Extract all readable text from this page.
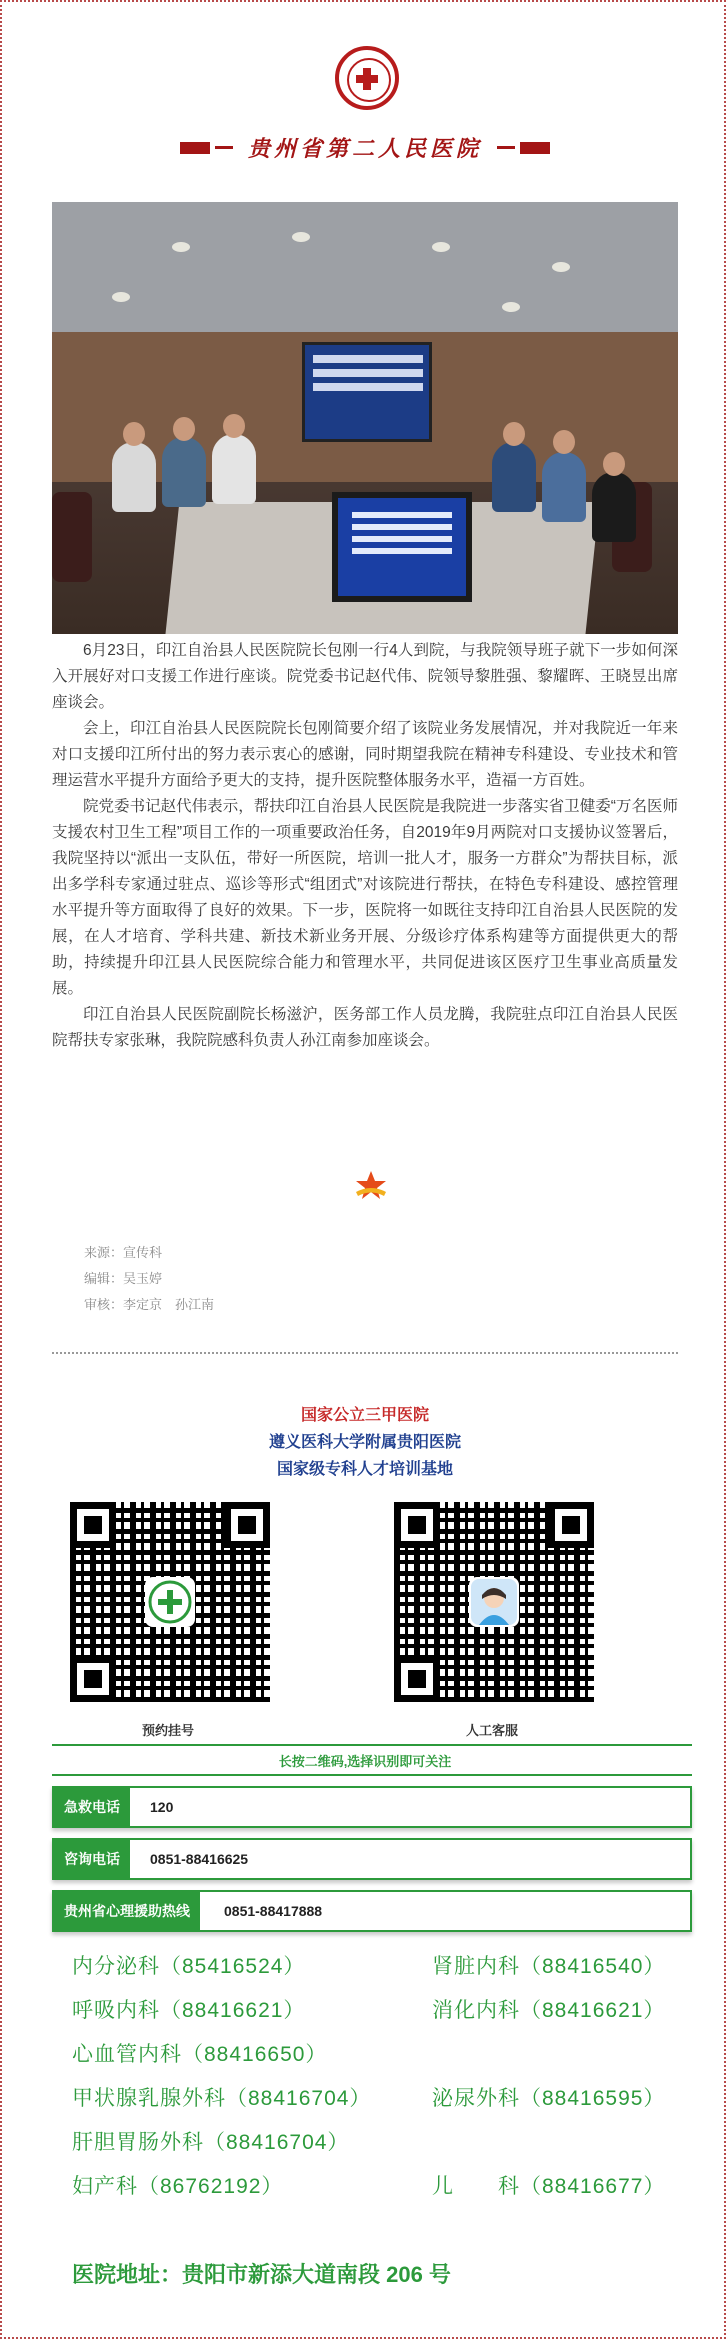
贵州省第二人民医院

6月23日，印江自治县人民医院院长包刚一行4人到院，与我院领导班子就下一步如何深入开展好对口支援工作进行座谈。院党委书记赵代伟、院领导黎胜强、黎耀晖、王晓昱出席座谈会。

会上，印江自治县人民医院院长包刚简要介绍了该院业务发展情况，并对我院近一年来对口支援印江所付出的努力表示衷心的感谢，同时期望我院在精神专科建设、专业技术和管理运营水平提升方面给予更大的支持，提升医院整体服务水平，造福一方百姓。

院党委书记赵代伟表示，帮扶印江自治县人民医院是我院进一步落实省卫健委“万名医师支援农村卫生工程”项目工作的一项重要政治任务，自2019年9月两院对口支援协议签署后，我院坚持以“派出一支队伍，带好一所医院，培训一批人才，服务一方群众”为帮扶目标，派出多学科专家通过驻点、巡诊等形式“组团式”对该院进行帮扶，在特色专科建设、感控管理水平提升等方面取得了良好的效果。下一步，医院将一如既往支持印江自治县人民医院的发展，在人才培育、学科共建、新技术新业务开展、分级诊疗体系构建等方面提供更大的帮助，持续提升印江县人民医院综合能力和管理水平，共同促进该区医疗卫生事业高质量发展。

印江自治县人民医院副院长杨滋沪，医务部工作人员龙腾，我院驻点印江自治县人民医院帮扶专家张琳，我院院感科负责人孙江南参加座谈会。

来源：宣传科
编辑：吴玉婷
审核：李定京　孙江南
国家公立三甲医院
遵义医科大学附属贵阳医院
国家级专科人才培训基地
预约挂号	人工客服
长按二维码,选择识别即可关注
急救电话	120
咨询电话	0851-88416625
贵州省心理援助热线	0851-88417888
内分泌科（85416524）	肾脏内科（88416540）
呼吸内科（88416621）	消化内科（88416621）
心血管内科（88416650）
甲状腺乳腺外科（88416704）	泌尿外科（88416595）
肝胆胃肠外科（88416704）
妇产科（86762192）	儿　　科（88416677）
医院地址：贵阳市新添大道南段 206 号
